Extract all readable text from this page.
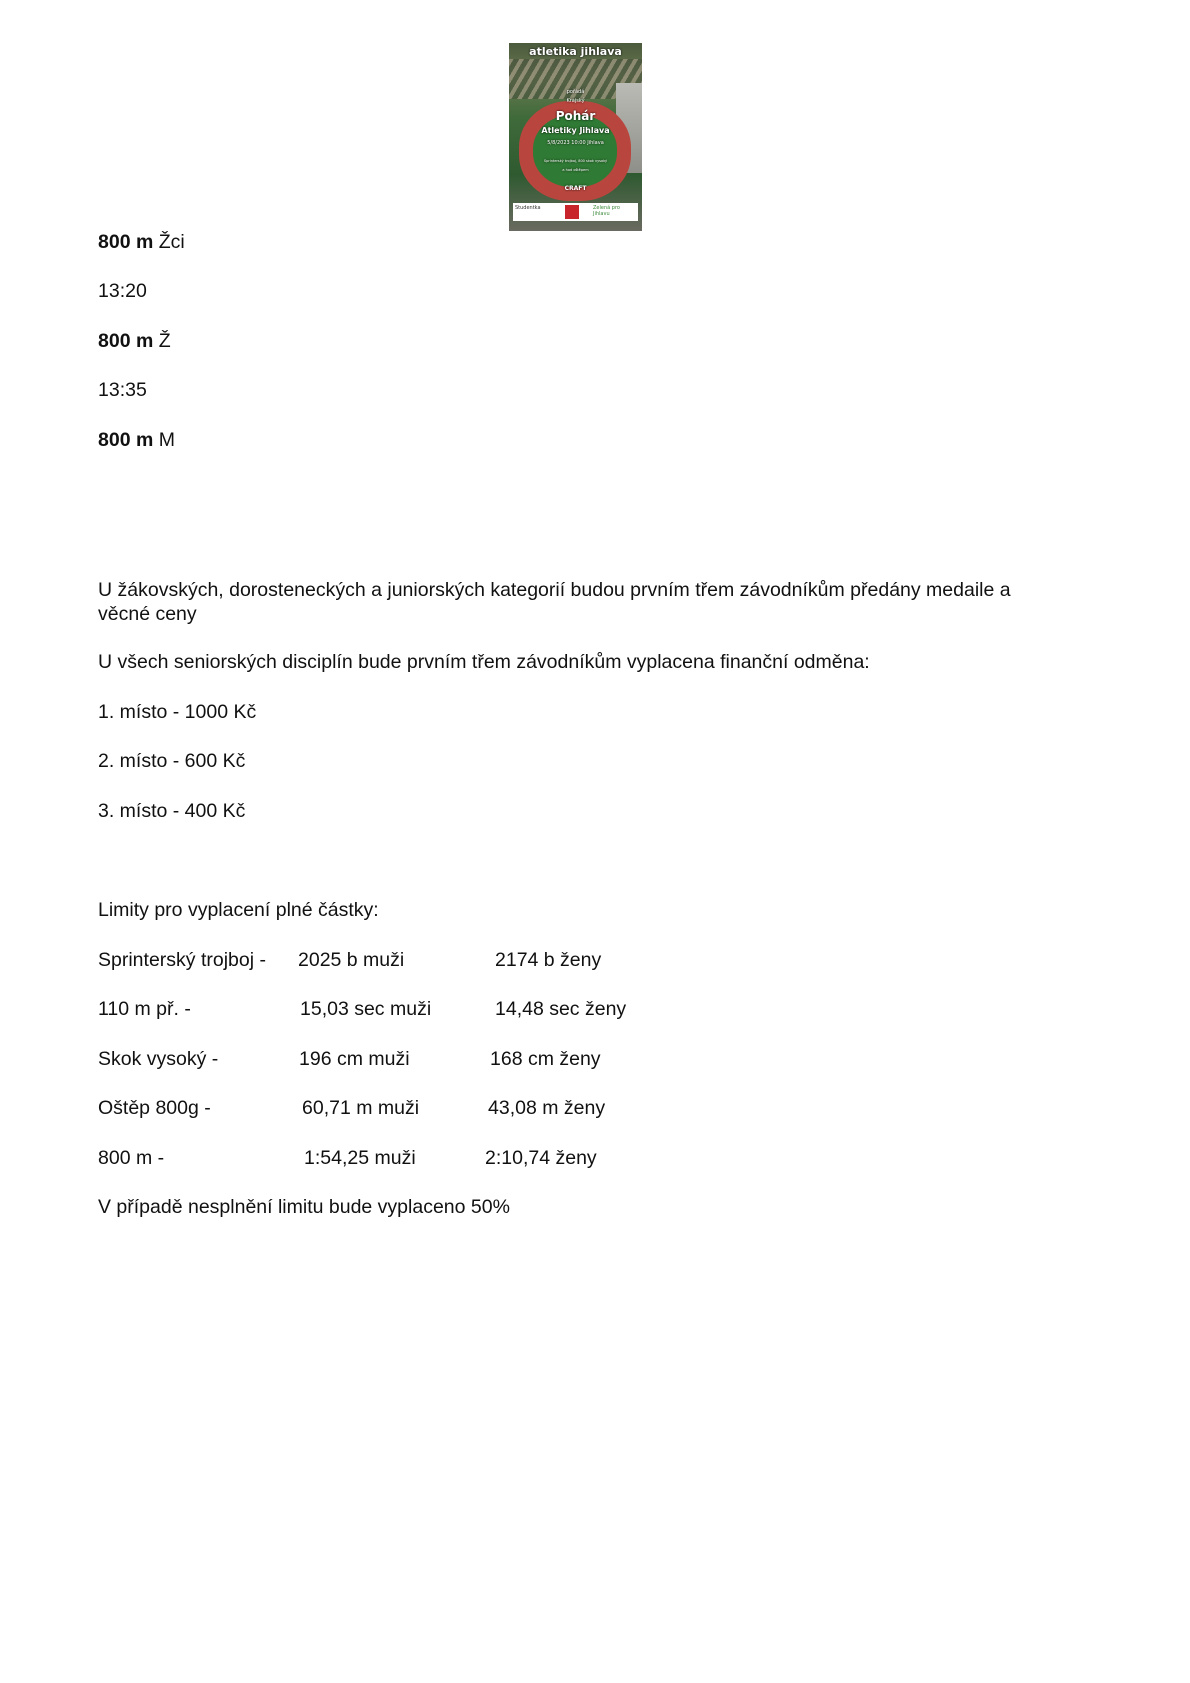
atletika jihlava
pořádá
Krajský
Pohár
Atletiky Jihlava
5/8/2023 10:00 Jihlava
Sprinterský trojboj, 800 skok vysoký
a hod oštěpem
CRAFT
Studentka	Zelená pro Jihlavu
800 m Žci
13:20
800 m Ž
13:35
800 m M
U žákovských, dorosteneckých a juniorských kategorií budou prvním třem závodníkům předány medaile a věcné ceny
U všech seniorských disciplín bude prvním třem závodníkům vyplacena finanční odměna:
1. místo - 1000 Kč
2. místo - 600 Kč
3. místo - 400 Kč
Limity pro vyplacení plné částky:
Sprinterský trojboj - 2025 b muži	2174 b ženy
110 m př. -	15,03 sec muži	14,48 sec ženy
Skok vysoký -	196 cm muži	168 cm ženy
Oštěp 800g -	60,71 m muži	43,08 m ženy
800 m -	1:54,25 muži	2:10,74 ženy
V případě nesplnění limitu bude vyplaceno 50%
